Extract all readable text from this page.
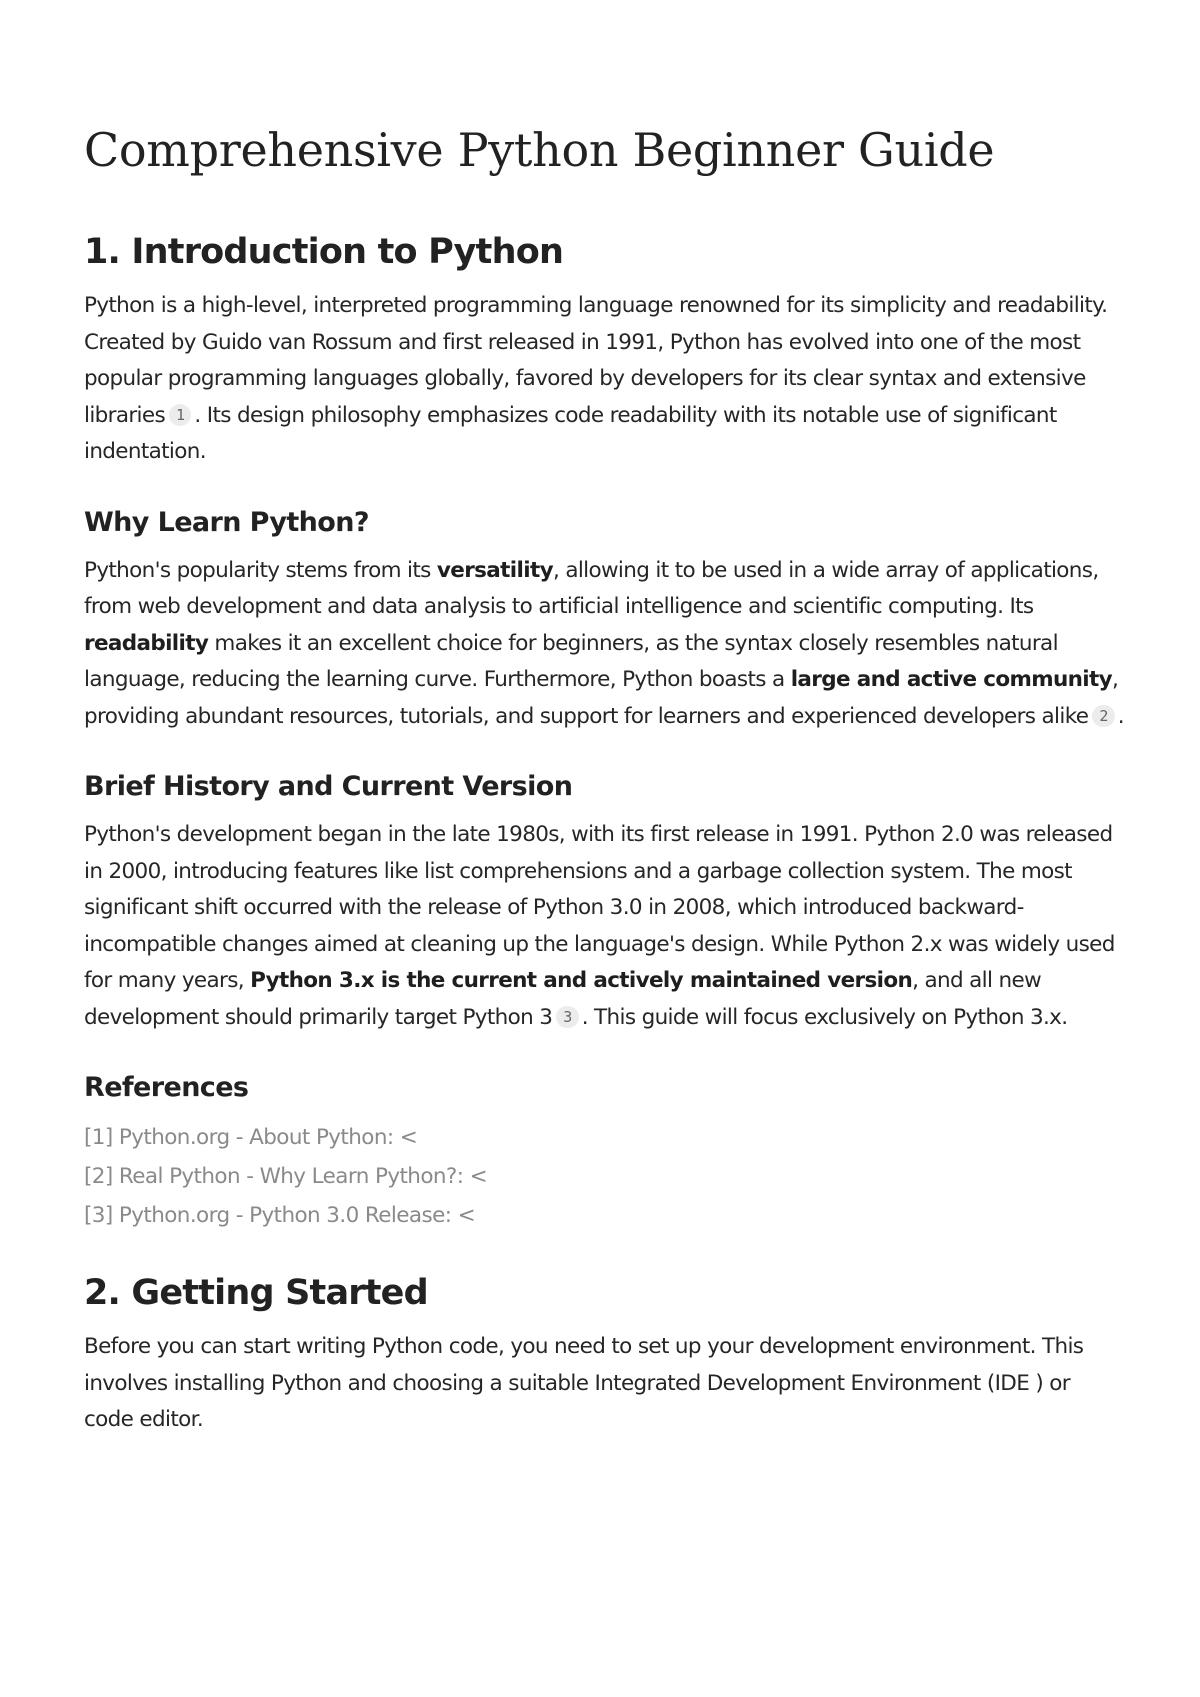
Comprehensive Python Beginner Guide
1. Introduction to Python

Python is a high-level, interpreted programming language renowned for its simplicity and readability. Created by Guido van Rossum and first released in 1991, Python has evolved into one of the most popular programming languages globally, favored by developers for its clear syntax and extensive libraries 1 . Its design philosophy emphasizes code readability with its notable use of significant indentation.

Why Learn Python?

Python's popularity stems from its versatility, allowing it to be used in a wide array of applications, from web development and data analysis to artificial intelligence and scientific computing. Its readability makes it an excellent choice for beginners, as the syntax closely resembles natural language, reducing the learning curve. Furthermore, Python boasts a large and active community, providing abundant resources, tutorials, and support for learners and experienced developers alike 2 .

Brief History and Current Version

Python's development began in the late 1980s, with its first release in 1991. Python 2.0 was released in 2000, introducing features like list comprehensions and a garbage collection system. The most significant shift occurred with the release of Python 3.0 in 2008, which introduced backward-incompatible changes aimed at cleaning up the language's design. While Python 2.x was widely used for many years, Python 3.x is the current and actively maintained version, and all new development should primarily target Python 3 3 . This guide will focus exclusively on Python 3.x.

References
[1] Python.org - About Python: <
[2] Real Python - Why Learn Python?: <
[3] Python.org - Python 3.0 Release: <
2. Getting Started

Before you can start writing Python code, you need to set up your development environment. This involves installing Python and choosing a suitable Integrated Development Environment (IDE ) or code editor.
